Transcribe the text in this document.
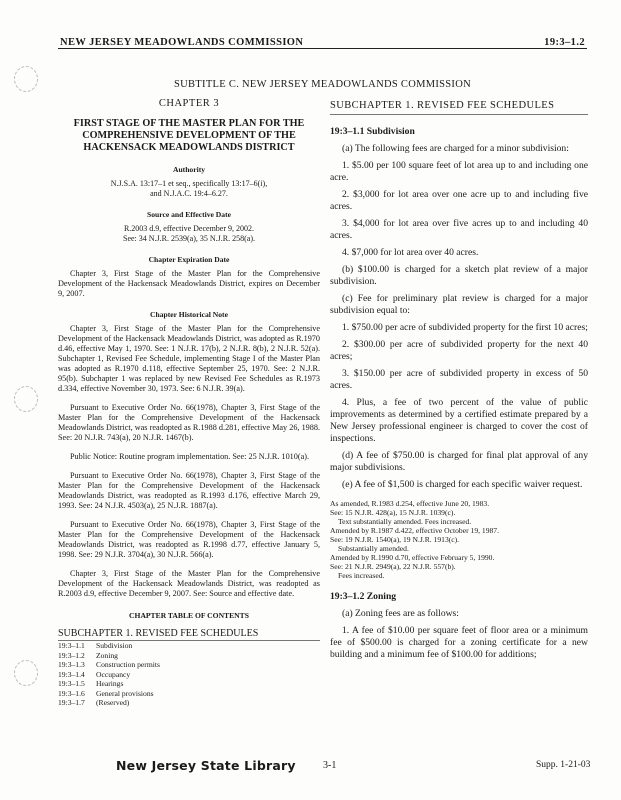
NEW JERSEY MEADOWLANDS COMMISSION	19:3–1.2
SUBTITLE C. NEW JERSEY MEADOWLANDS COMMISSION
CHAPTER 3
FIRST STAGE OF THE MASTER PLAN FOR THE COMPREHENSIVE DEVELOPMENT OF THE HACKENSACK MEADOWLANDS DISTRICT
Authority
N.J.S.A. 13:17–1 et seq., specifically 13:17–6(i),
and N.J.A.C. 19:4–6.27.
Source and Effective Date
R.2003 d.9, effective December 9, 2002.
See: 34 N.J.R. 2539(a), 35 N.J.R. 258(a).
Chapter Expiration Date
Chapter 3, First Stage of the Master Plan for the Comprehensive Development of the Hackensack Meadowlands District, expires on December 9, 2007.
Chapter Historical Note
Chapter 3, First Stage of the Master Plan for the Comprehensive Development of the Hackensack Meadowlands District, was adopted as R.1970 d.46, effective May 1, 1970. See: 1 N.J.R. 17(b), 2 N.J.R. 8(b), 2 N.J.R. 52(a). Subchapter 1, Revised Fee Schedule, implementing Stage I of the Master Plan was adopted as R.1970 d.118, effective September 25, 1970. See: 2 N.J.R. 95(b). Subchapter 1 was replaced by new Revised Fee Schedules as R.1973 d.334, effective November 30, 1973. See: 6 N.J.R. 39(a).
Pursuant to Executive Order No. 66(1978), Chapter 3, First Stage of the Master Plan for the Comprehensive Development of the Hackensack Meadowlands District, was readopted as R.1988 d.281, effective May 26, 1988. See: 20 N.J.R. 743(a), 20 N.J.R. 1467(b).
Public Notice: Routine program implementation. See: 25 N.J.R. 1010(a).
Pursuant to Executive Order No. 66(1978), Chapter 3, First Stage of the Master Plan for the Comprehensive Development of the Hackensack Meadowlands District, was readopted as R.1993 d.176, effective March 29, 1993. See: 24 N.J.R. 4503(a), 25 N.J.R. 1887(a).
Pursuant to Executive Order No. 66(1978), Chapter 3, First Stage of the Master Plan for the Comprehensive Development of the Hackensack Meadowlands District, was readopted as R.1998 d.77, effective January 5, 1998. See: 29 N.J.R. 3704(a), 30 N.J.R. 566(a).
Chapter 3, First Stage of the Master Plan for the Comprehensive Development of the Hackensack Meadowlands District, was readopted as R.2003 d.9, effective December 9, 2007. See: Source and effective date.
CHAPTER TABLE OF CONTENTS
SUBCHAPTER 1. REVISED FEE SCHEDULES
19:3–1.1	Subdivision
19:3–1.2	Zoning
19:3–1.3	Construction permits
19:3–1.4	Occupancy
19:3–1.5	Hearings
19:3–1.6	General provisions
19:3–1.7	(Reserved)
SUBCHAPTER 1. REVISED FEE SCHEDULES
19:3–1.1 Subdivision
(a) The following fees are charged for a minor subdivision:
1. $5.00 per 100 square feet of lot area up to and including one acre.
2. $3,000 for lot area over one acre up to and including five acres.
3. $4,000 for lot area over five acres up to and including 40 acres.
4. $7,000 for lot area over 40 acres.
(b) $100.00 is charged for a sketch plat review of a major subdivision.
(c) Fee for preliminary plat review is charged for a major subdivision equal to:
1. $750.00 per acre of subdivided property for the first 10 acres;
2. $300.00 per acre of subdivided property for the next 40 acres;
3. $150.00 per acre of subdivided property in excess of 50 acres.
4. Plus, a fee of two percent of the value of public improvements as determined by a certified estimate prepared by a New Jersey professional engineer is charged to cover the cost of inspections.
(d) A fee of $750.00 is charged for final plat approval of any major subdivisions.
(e) A fee of $1,500 is charged for each specific waiver request.
As amended, R.1983 d.254, effective June 20, 1983.
See: 15 N.J.R. 428(a), 15 N.J.R. 1039(c).
Text substantially amended. Fees increased.
Amended by R.1987 d.422, effective October 19, 1987.
See: 19 N.J.R. 1540(a), 19 N.J.R. 1913(c).
Substantially amended.
Amended by R.1990 d.70, effective February 5, 1990.
See: 21 N.J.R. 2949(a), 22 N.J.R. 557(b).
Fees increased.
19:3–1.2 Zoning
(a) Zoning fees are as follows:
1. A fee of $10.00 per square feet of floor area or a minimum fee of $500.00 is charged for a zoning certificate for a new building and a minimum fee of $100.00 for additions;
New Jersey State Library	3-1	Supp. 1-21-03
